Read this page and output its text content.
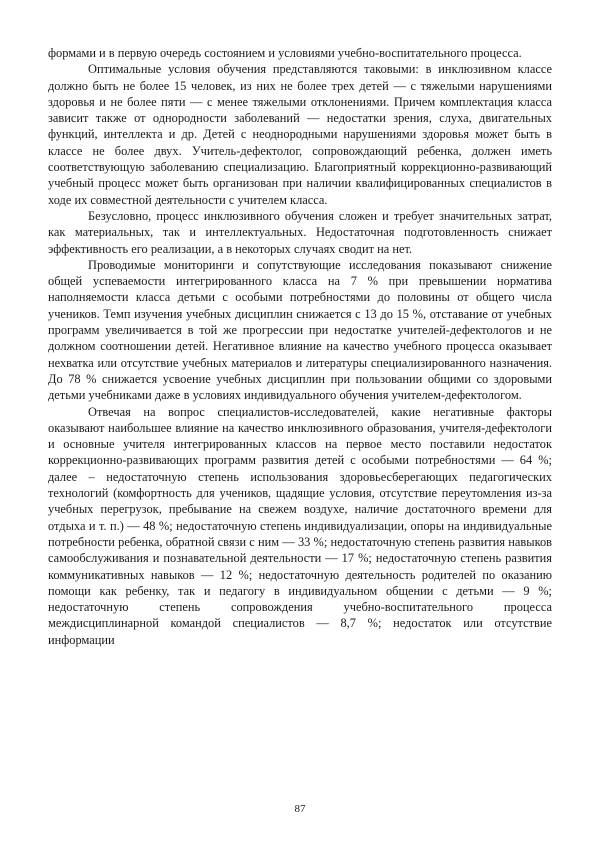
формами и в первую очередь состоянием и условиями учебно-воспитательного процесса.

Оптимальные условия обучения представляются таковыми: в инклюзивном классе должно быть не более 15 человек, из них не более трех детей — с тяжелыми нарушениями здоровья и не более пяти — с менее тяжелыми отклонениями. Причем комплектация класса зависит также от однородности заболеваний — недостатки зрения, слуха, двигательных функций, интеллекта и др. Детей с неоднородными нарушениями здоровья может быть в классе не более двух. Учитель-дефектолог, сопровождающий ребенка, должен иметь соответствующую заболеванию специализацию. Благоприятный коррекционно-развивающий учебный процесс может быть организован при наличии квалифицированных специалистов в ходе их совместной деятельности с учителем класса.

Безусловно, процесс инклюзивного обучения сложен и требует значительных затрат, как материальных, так и интеллектуальных. Недостаточная подготовленность снижает эффективность его реализации, а в некоторых случаях сводит на нет.

Проводимые мониторинги и сопутствующие исследования показывают снижение общей успеваемости интегрированного класса на 7 % при превышении норматива наполняемости класса детьми с особыми потребностями до половины от общего числа учеников. Темп изучения учебных дисциплин снижается с 13 до 15 %, отставание от учебных программ увеличивается в той же прогрессии при недостатке учителей-дефектологов и не должном соотношении детей. Негативное влияние на качество учебного процесса оказывает нехватка или отсутствие учебных материалов и литературы специализированного назначения. До 78 % снижается усвоение учебных дисциплин при пользовании общими со здоровыми детьми учебниками даже в условиях индивидуального обучения учителем-дефектологом.

Отвечая на вопрос специалистов-исследователей, какие негативные факторы оказывают наибольшее влияние на качество инклюзивного образования, учителя-дефектологи и основные учителя интегрированных классов на первое место поставили недостаток коррекционно-развивающих программ развития детей с особыми потребностями — 64 %; далее – недостаточную степень использования здоровьесберегающих педагогических технологий (комфортность для учеников, щадящие условия, отсутствие переутомления из-за учебных перегрузок, пребывание на свежем воздухе, наличие достаточного времени для отдыха и т. п.) — 48 %; недостаточную степень индивидуализации, опоры на индивидуальные потребности ребенка, обратной связи с ним — 33 %; недостаточную степень развития навыков самообслуживания и познавательной деятельности — 17 %; недостаточную степень развития коммуникативных навыков — 12 %; недостаточную деятельность родителей по оказанию помощи как ребенку, так и педагогу в индивидуальном общении с детьми — 9 %; недостаточную степень сопровождения учебно-воспитательного процесса междисциплинарной командой специалистов — 8,7 %; недостаток или отсутствие информации

87
